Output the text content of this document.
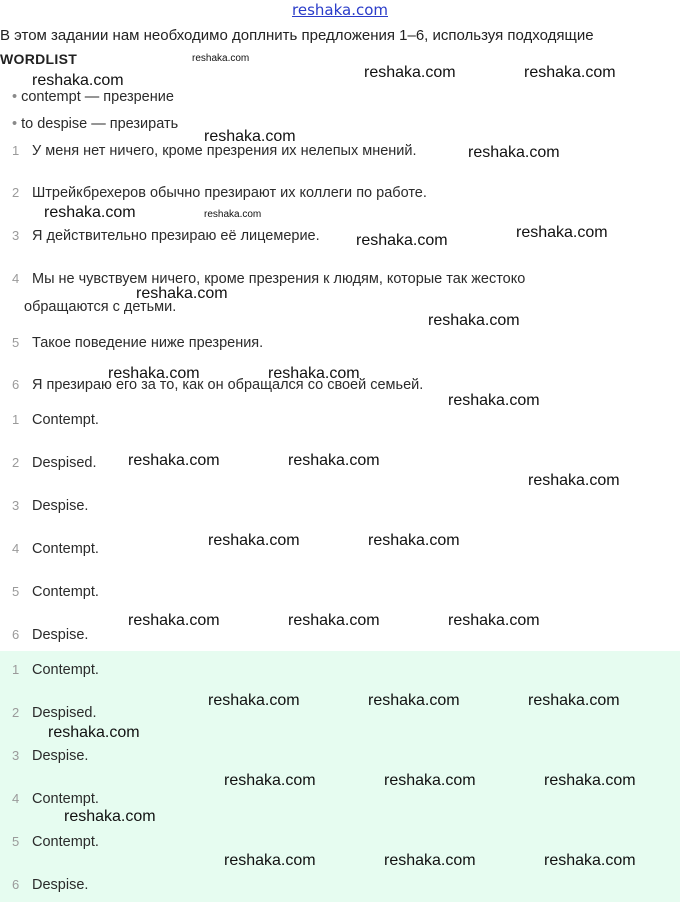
reshaka.com
В этом задании нам необходимо доплнить предложения 1–6, используя подходящие
WORDLIST
• contempt — презрение
• to despise — презирать
1 У меня нет ничего, кроме презрения их нелепых мнений.
2 Штрейкбрехеров обычно презирают их коллеги по работе.
3 Я действительно презираю её лицемерие.
4 Мы не чувствуем ничего, кроме презрения к людям, которые так жестоко
обращаются с детьми.
5 Такое поведение ниже презрения.
6 Я презираю его за то, как он обращался со своей семьей.
1 Contempt.
2 Despised.
3 Despise.
4 Contempt.
5 Contempt.
6 Despise.
1 Contempt.
2 Despised.
3 Despise.
4 Contempt.
5 Contempt.
6 Despise.
reshaka.com
reshaka.com	reshaka.com	reshaka.com
reshaka.com
reshaka.com
reshaka.com	reshaka.com
reshaka.com
reshaka.com
reshaka.com
reshaka.com
reshaka.com	reshaka.com
reshaka.com
reshaka.com	reshaka.com
reshaka.com
reshaka.com	reshaka.com
reshaka.com	reshaka.com	reshaka.com
reshaka.com	reshaka.com	reshaka.com
reshaka.com
reshaka.com	reshaka.com	reshaka.com
reshaka.com
reshaka.com	reshaka.com	reshaka.com
